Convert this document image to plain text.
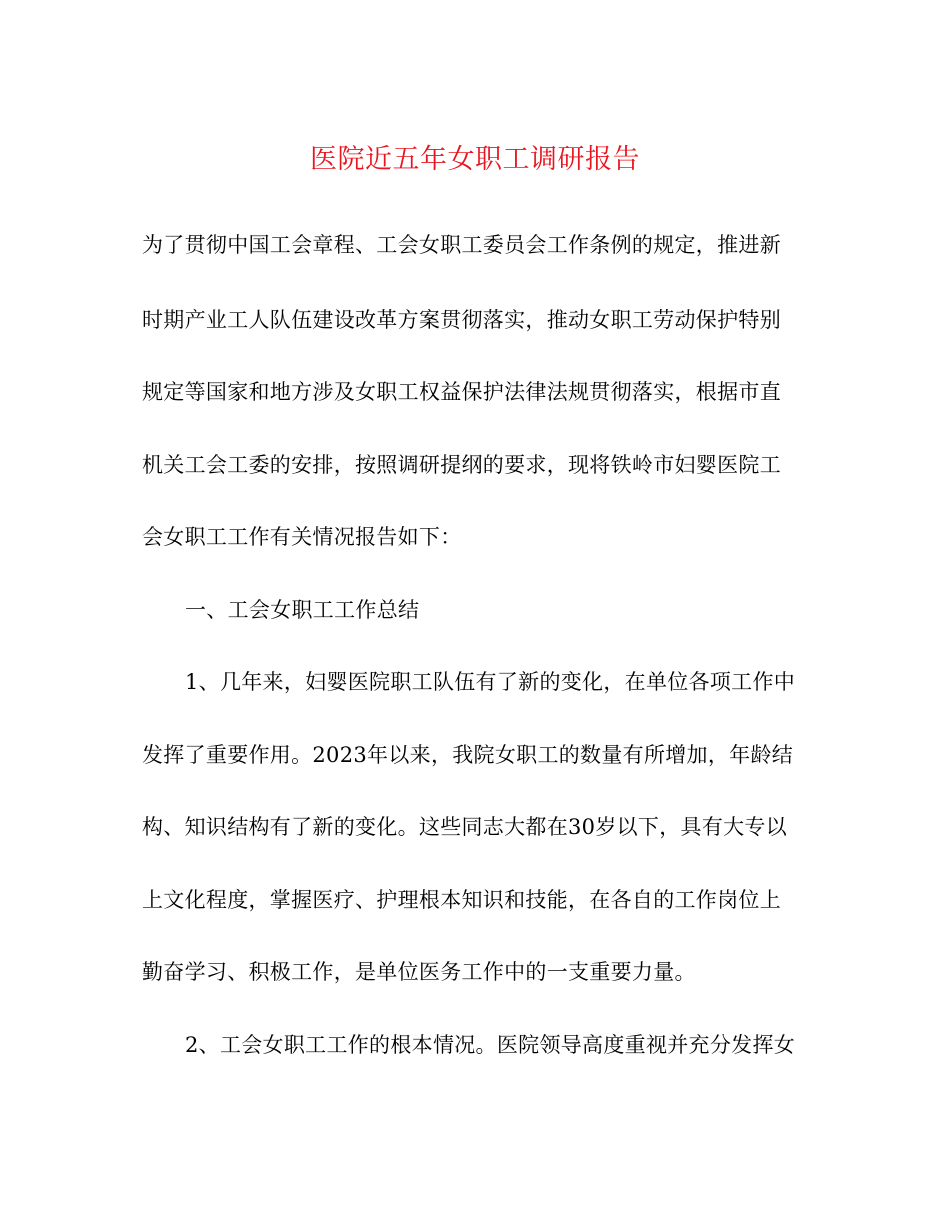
医院近五年女职工调研报告
为了贯彻中国工会章程、工会女职工委员会工作条例的规定，推进新
时期产业工人队伍建设改革方案贯彻落实，推动女职工劳动保护特别
规定等国家和地方涉及女职工权益保护法律法规贯彻落实，根据市直
机关工会工委的安排，按照调研提纲的要求，现将铁岭市妇婴医院工
会女职工工作有关情况报告如下：
一、工会女职工工作总结
1、几年来，妇婴医院职工队伍有了新的变化，在单位各项工作中
发挥了重要作用。2023年以来，我院女职工的数量有所增加，年龄结
构、知识结构有了新的变化。这些同志大都在30岁以下，具有大专以
上文化程度，掌握医疗、护理根本知识和技能，在各自的工作岗位上
勤奋学习、积极工作，是单位医务工作中的一支重要力量。
2、工会女职工工作的根本情况。医院领导高度重视并充分发挥女
